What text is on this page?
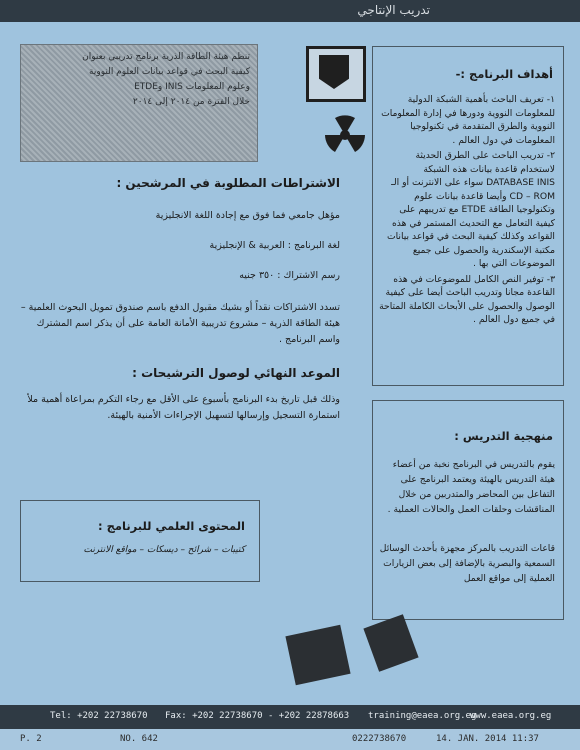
تدريب الإنتاجي
تنظم هيئة الطاقة الذرية برنامج تدريبي بعنوان
كيفية البحث في قواعد بيانات العلوم النووية
وعلوم المعلومات INIS وETDE
خلال الفترة من ٢٠١٤ إلى ٢٠١٤
أهداف البرنامج :-
١- تعريف الباحث بأهمية الشبكة الدولية للمعلومات النووية ودورها في إدارة المعلومات النووية والطرق المتقدمة في تكنولوجيا المعلومات في دول العالم .
٢- تدريب الباحث على الطرق الحديثة لاستخدام قاعدة بيانات هذه الشبكة DATABASE INIS سواء على الانترنت أو الـ CD – ROM وأيضا قاعدة بيانات علوم وتكنولوجيا الطاقة ETDE مع تدريبهم على كيفية التعامل مع التحديث المستمر في هذه القواعد وكذلك كيفية البحث في قواعد بيانات مكتبة الإسكندرية والحصول على جميع الموضوعات التي بها .
٣- توفير النص الكامل للموضوعات في هذه القاعدة مجانا وتدريب الباحث أيضا على كيفية الوصول والحصول على الأبحاث الكاملة المتاحة في جميع دول العالم .
الاشتراطات المطلوبة في المرشحين :
مؤهل جامعي فما فوق مع إجادة اللغة الانجليزية
لغة البرنامج : العربية & الإنجليزية
رسم الاشتراك : ٣٥٠ جنيه
تسدد الاشتراكات نقداً أو بشيك مقبول الدفع باسم صندوق تمويل البحوث العلمية – هيئة الطاقة الذرية – مشروع تدريبية الأمانة العامة على أن يذكر اسم المشترك واسم البرنامج .
الموعد النهائي لوصول الترشيحات :
وذلك قبل تاريخ بدء البرنامج بأسبوع على الأقل مع رجاء التكرم بمراعاة أهمية ملأ استمارة التسجيل وإرسالها لتسهيل الإجراءات الأمنية بالهيئة.
منهجية التدريس :
يقوم بالتدريس في البرنامج نخبة من أعضاء هيئة التدريس بالهيئة ويعتمد البرنامج على التفاعل بين المحاضر والمتدربين من خلال المناقشات وحلقات العمل والحالات العملية .
قاعات التدريب بالمركز مجهزة بأحدث الوسائل السمعية والبصرية بالإضافة إلى بعض الزيارات العملية إلى مواقع العمل
المحتوى العلمي للبرنامج :
كتيبات – شرائح – ديسكات – مواقع الانترنت
Tel: +202 22738670 Fax: +202 22738670 - +202 22878663 training@eaea.org.eg
www.eaea.org.eg
P. 2	NO. 642	0222738670	14. JAN. 2014 11:37
